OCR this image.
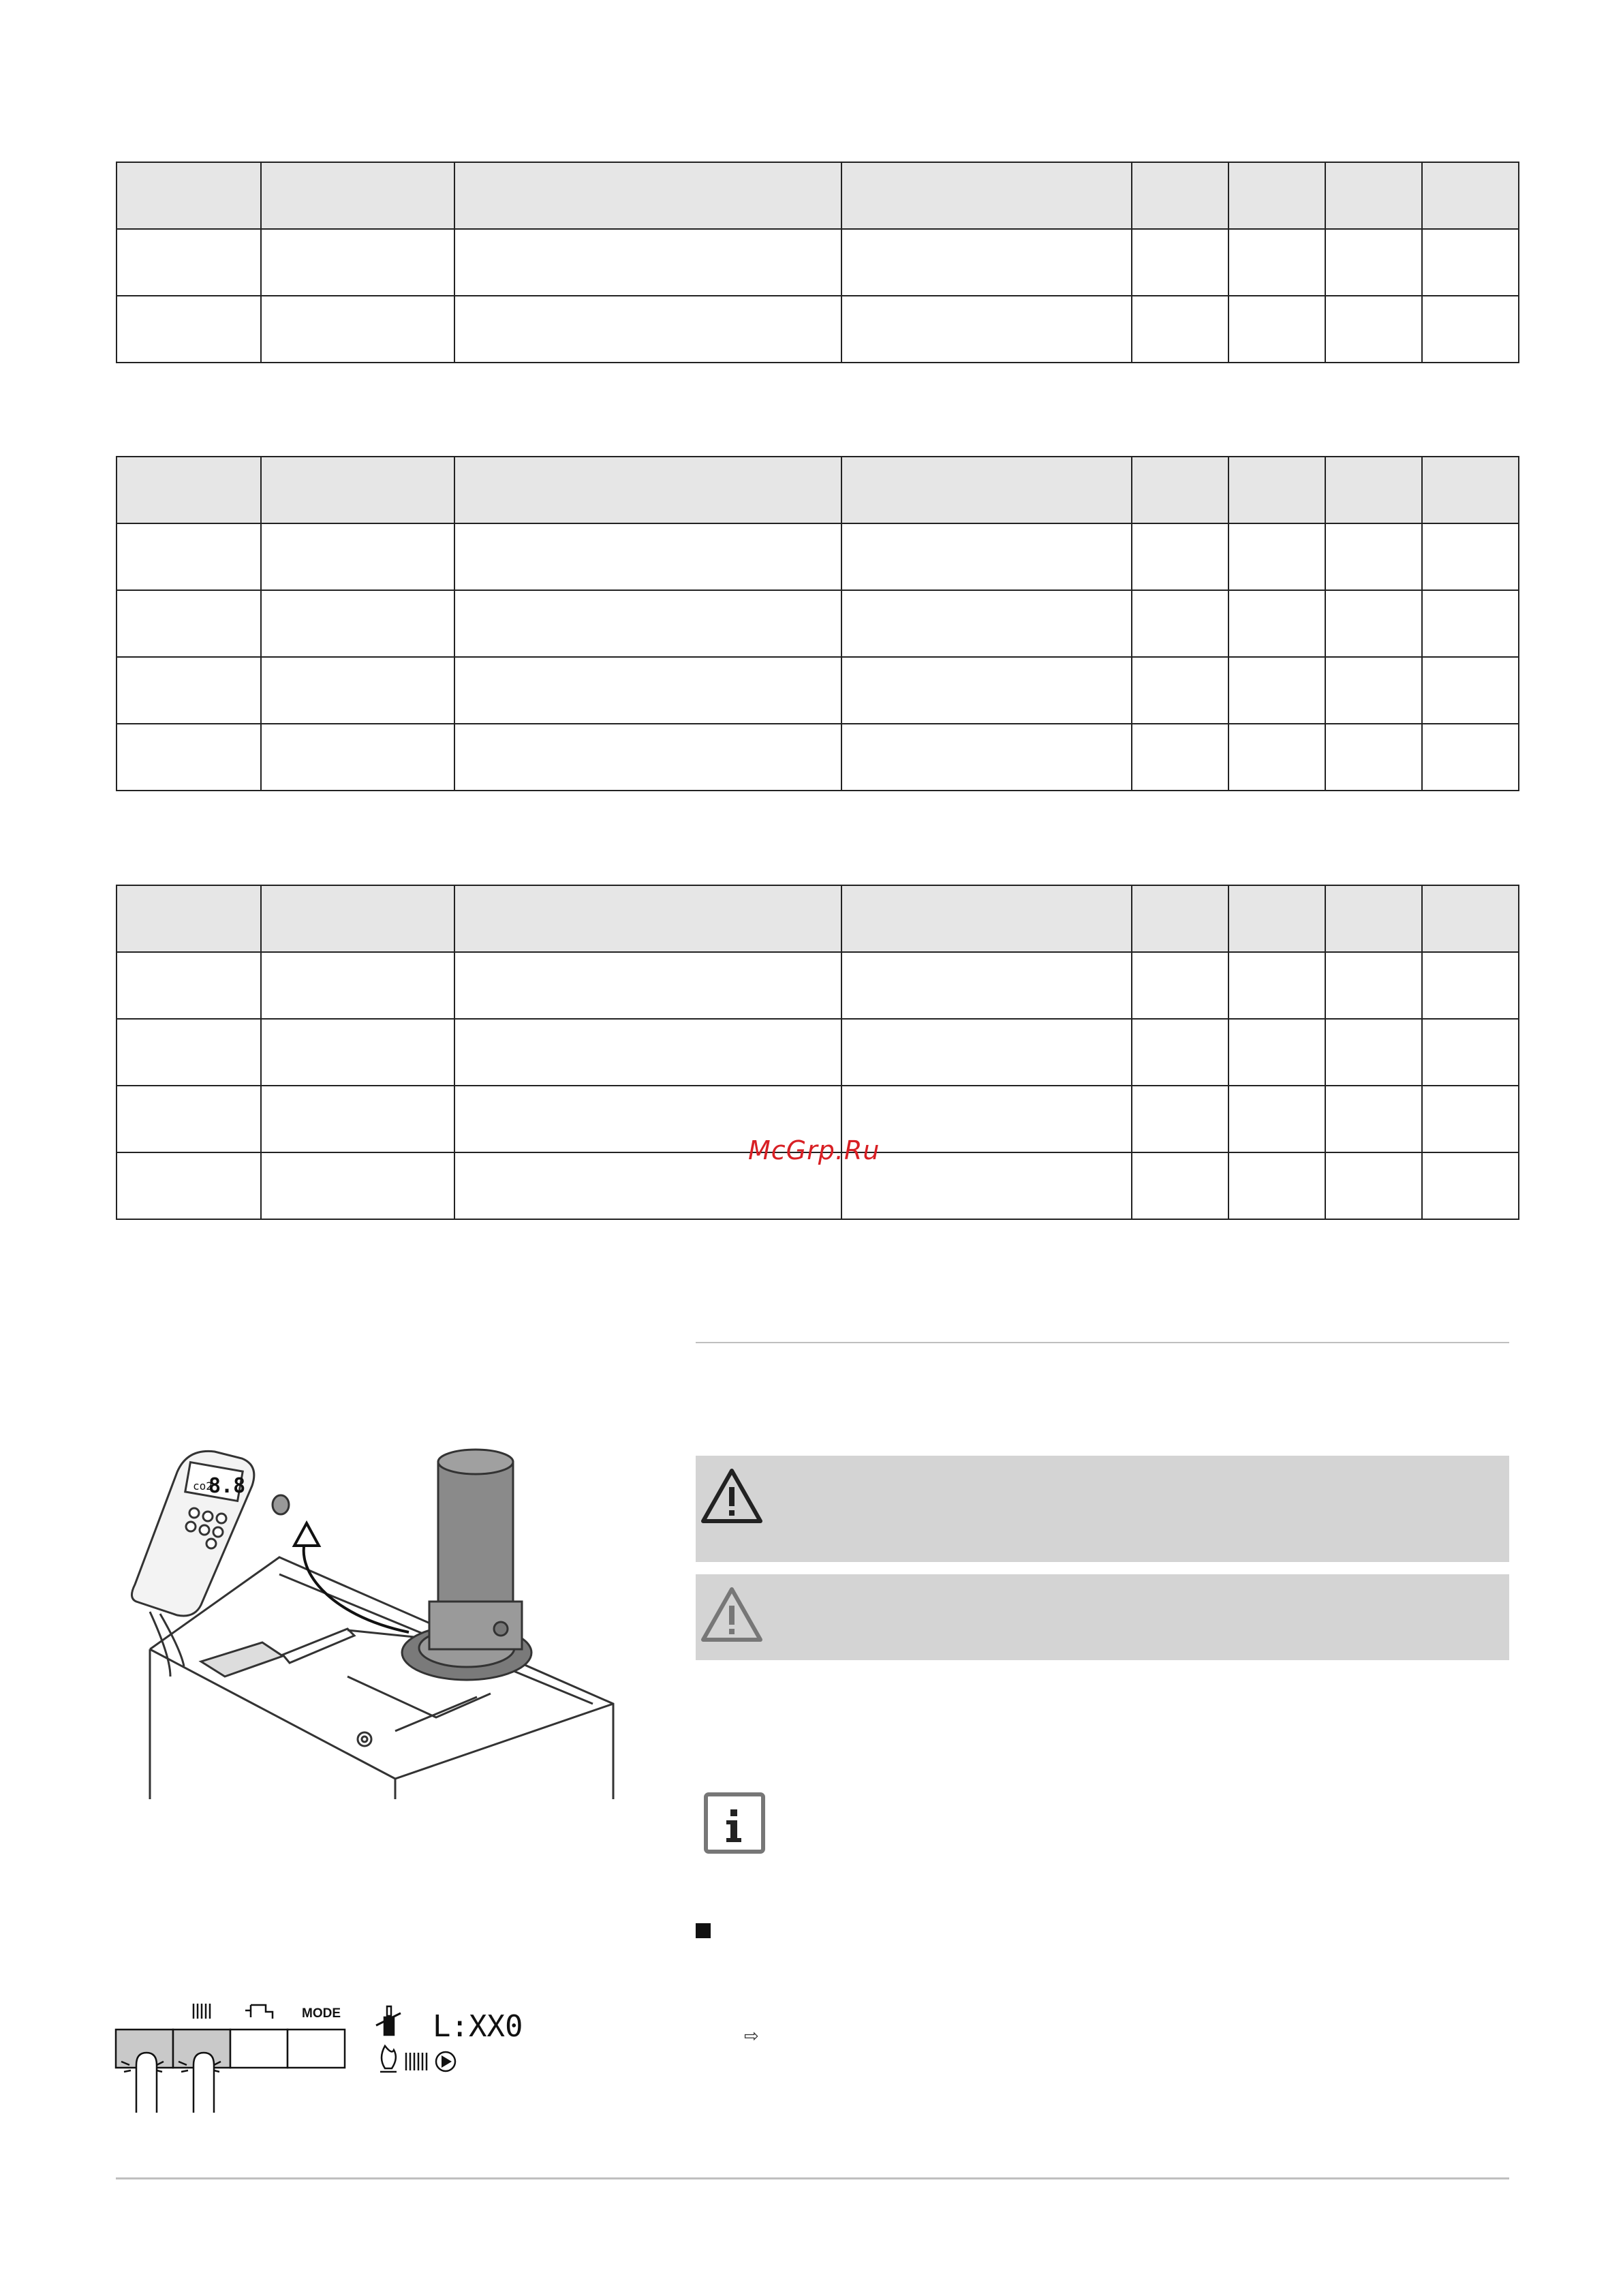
McGrp.Ru
⇨
co2
8.8
MODE	L:XX0
